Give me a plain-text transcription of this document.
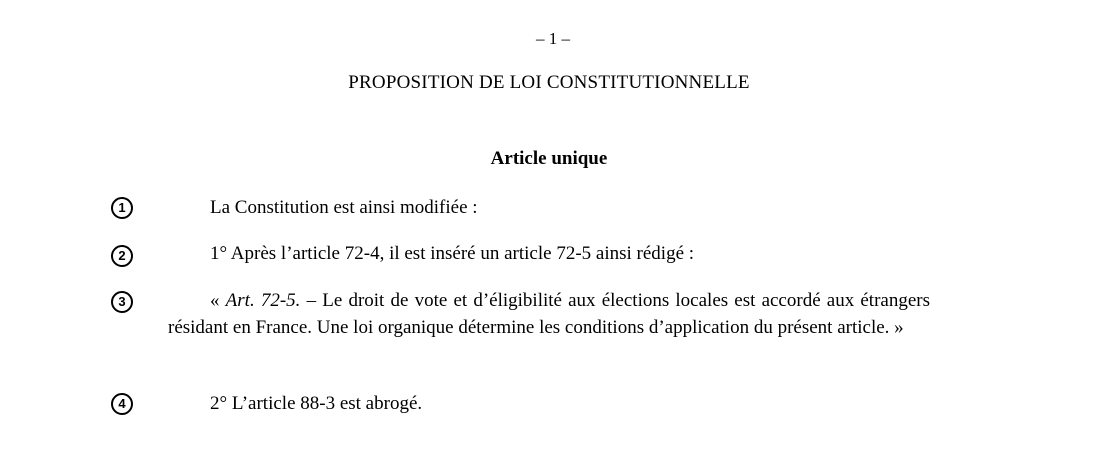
– 1 –
PROPOSITION DE LOI CONSTITUTIONNELLE
Article unique
1	La Constitution est ainsi modifiée :

2	1° Après l’article 72-4, il est inséré un article 72-5 ainsi rédigé :

3	« Art. 72-5. – Le droit de vote et d’éligibilité aux élections locales est accordé aux étrangers résidant en France. Une loi organique détermine les conditions d’application du présent article. »

4	2° L’article 88-3 est abrogé.
